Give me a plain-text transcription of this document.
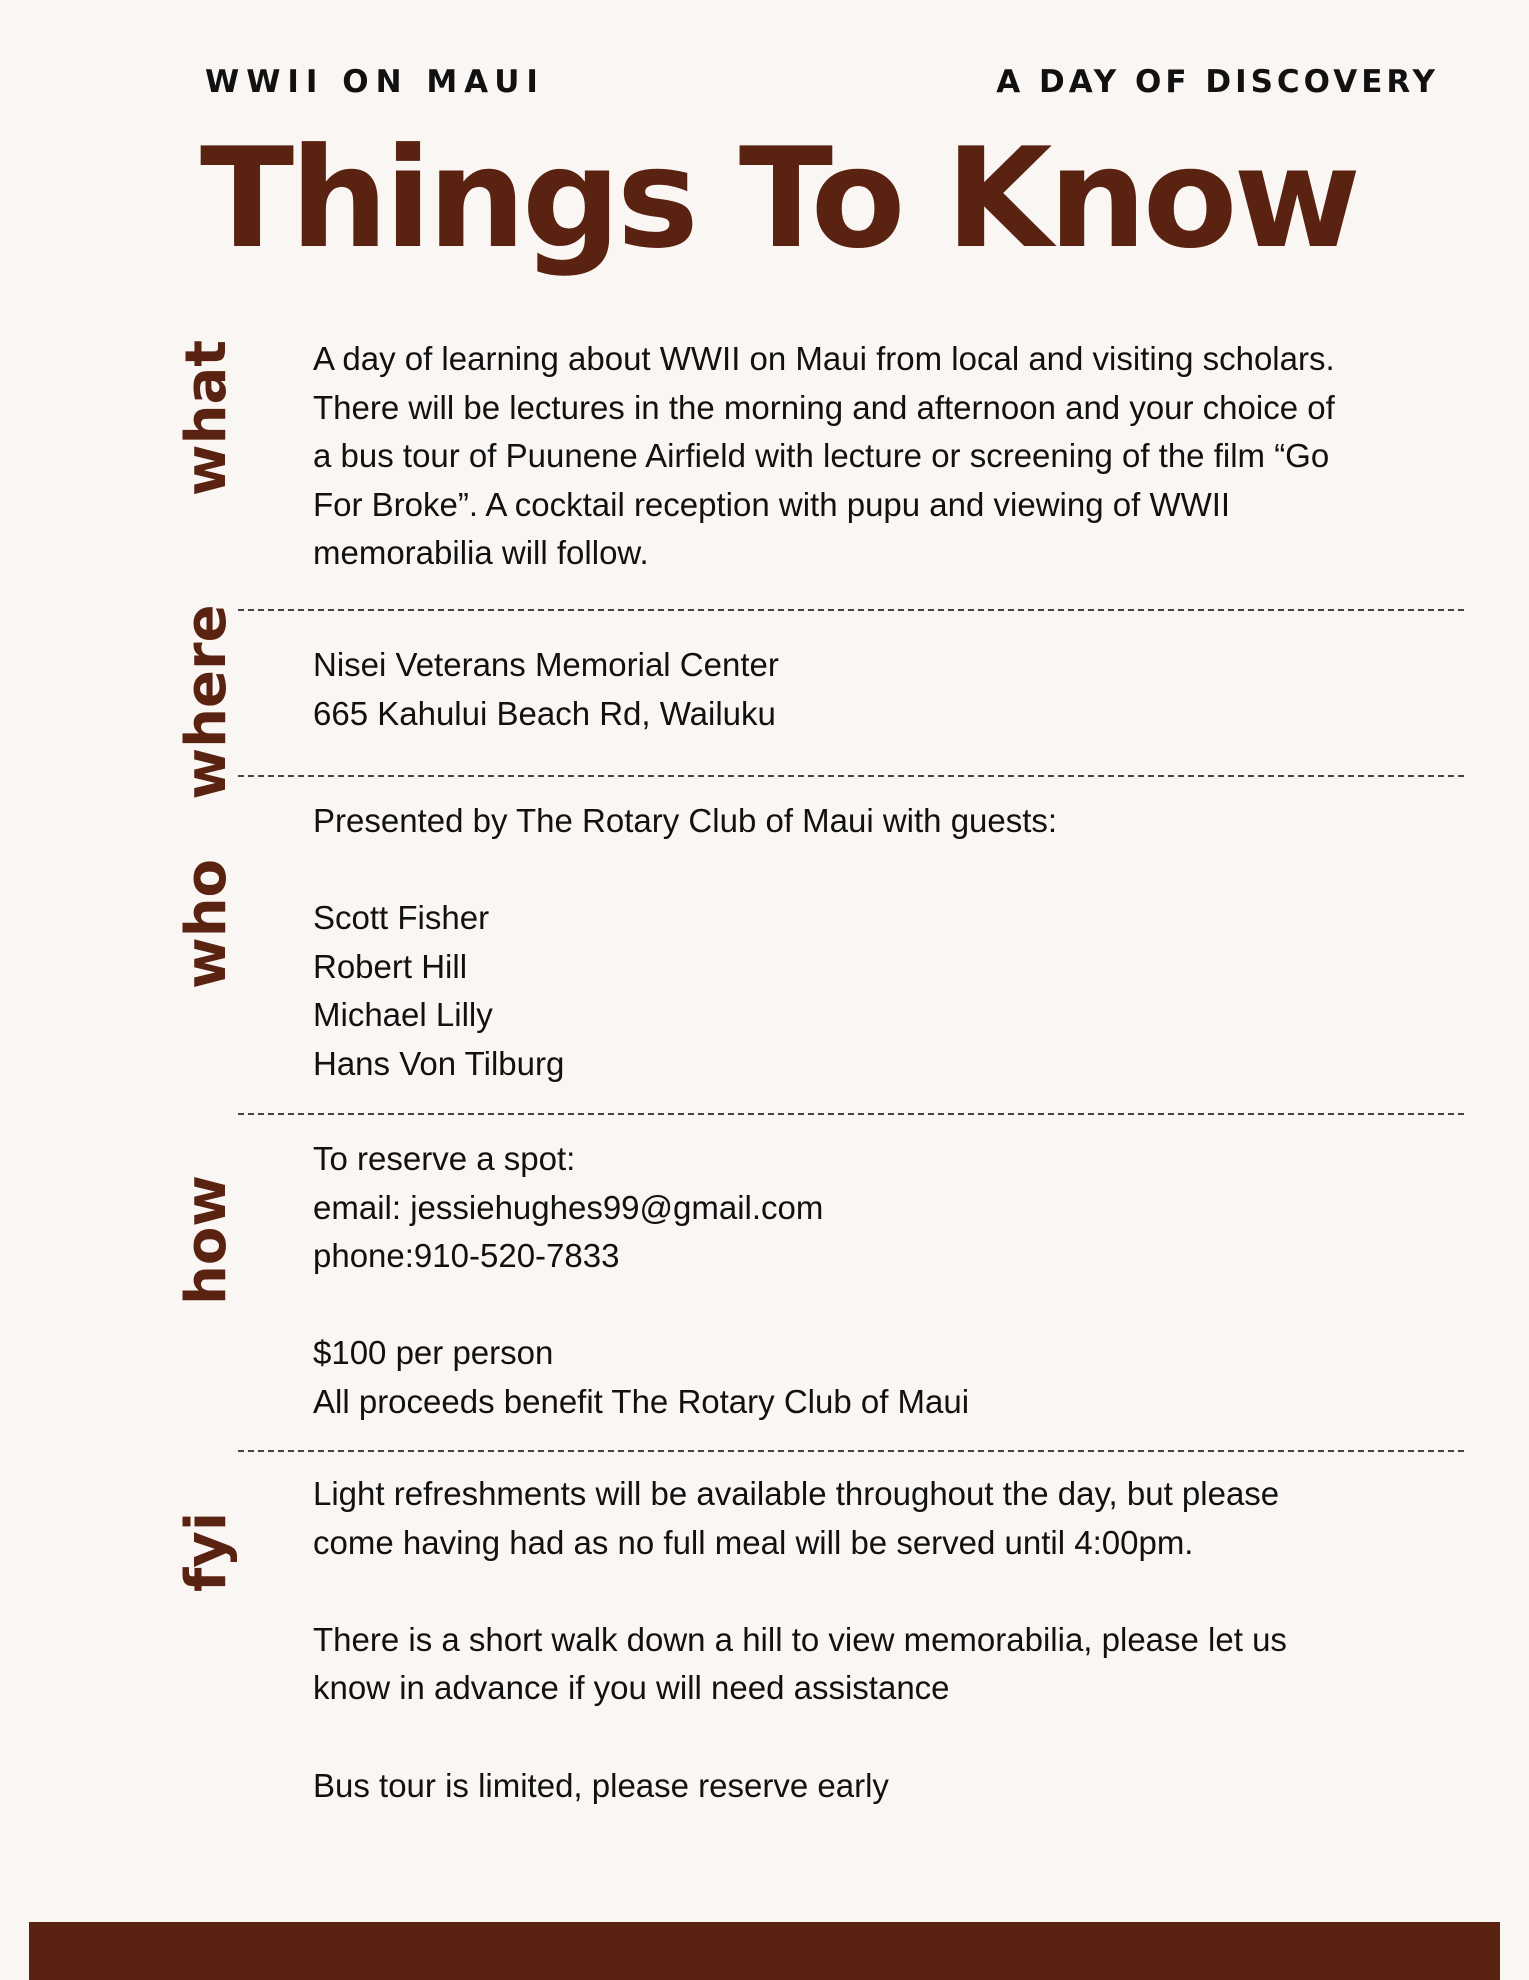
WWII ON MAUI	A DAY OF DISCOVERY
Things To Know
what A day of learning about WWII on Maui from local and visiting scholars.

There will be lectures in the morning and afternoon and your choice of

a bus tour of Puunene Airfield with lecture or screening of the film “Go

For Broke”. A cocktail reception with pupu and viewing of WWII

memorabilia will follow.

where Nisei Veterans Memorial Center

665 Kahului Beach Rd, Wailuku

who

Presented by The Rotary Club of Maui with guests:

Scott Fisher

Robert Hill

Michael Lilly

Hans Von Tilburg

how

To reserve a spot:

email: jessiehughes99@gmail.com

phone:910-520-7833

$100 per person

All proceeds benefit The Rotary Club of Maui

fyi

Light refreshments will be available throughout the day, but please

come having had as no full meal will be served until 4:00pm.

There is a short walk down a hill to view memorabilia, please let us

know in advance if you will need assistance

Bus tour is limited, please reserve early
